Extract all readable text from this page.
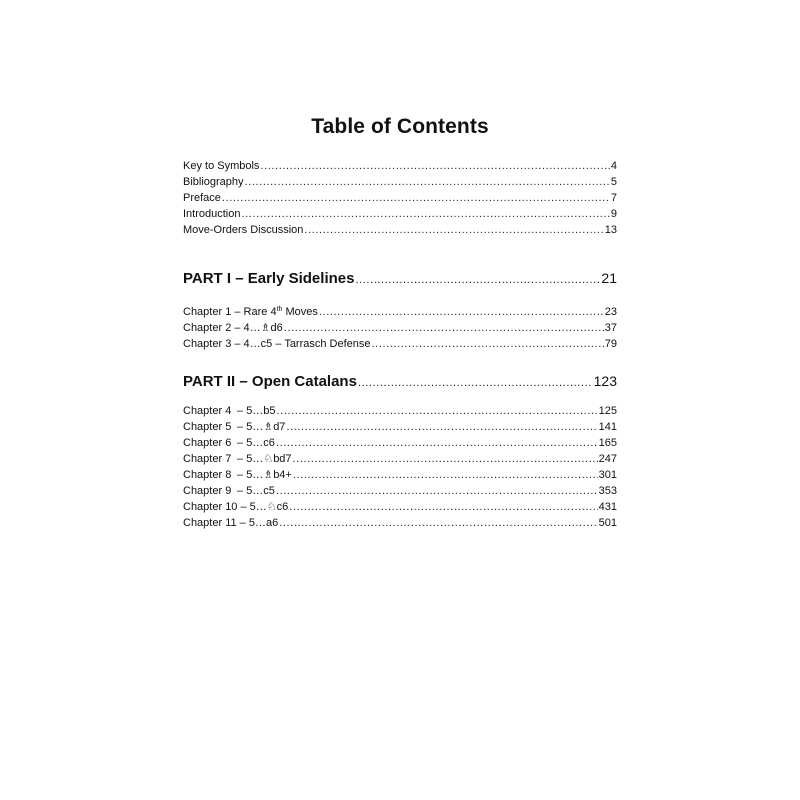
Table of Contents
Key to Symbols .....	4
Bibliography .....	5
Preface .....	7
Introduction .....	9
Move-Orders Discussion .....	13
PART I – Early Sidelines .....	21
Chapter 1 – Rare 4th Moves .....	23
Chapter 2 – 4…♗d6 .....	37
Chapter 3 – 4…c5 – Tarrasch Defense .....	79
PART II – Open Catalans .....	123
Chapter 4 – 5…b5 .....	125
Chapter 5 – 5…♗d7 .....	141
Chapter 6 – 5…c6 .....	165
Chapter 7 – 5…♘bd7 .....	247
Chapter 8 – 5…♗b4+ .....	301
Chapter 9 – 5…c5 .....	353
Chapter 10 – 5…♘c6 .....	431
Chapter 11 – 5…a6 .....	501
